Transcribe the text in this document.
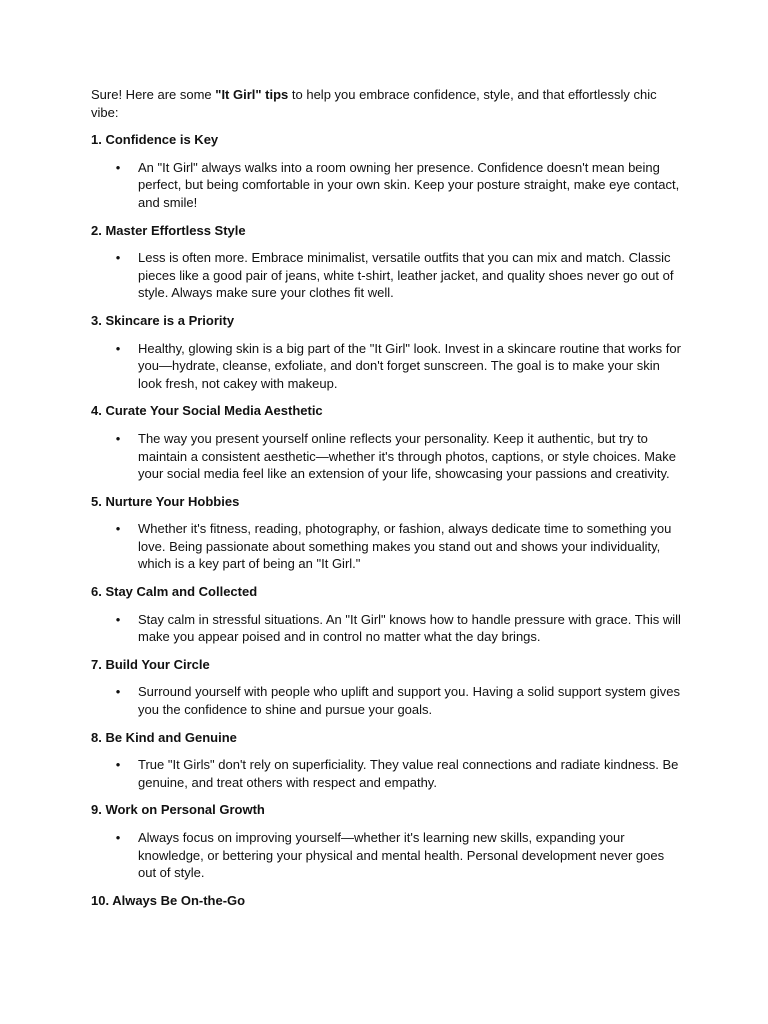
Sure! Here are some "It Girl" tips to help you embrace confidence, style, and that effortlessly chic vibe:

1. Confidence is Key
• An "It Girl" always walks into a room owning her presence. Confidence doesn't mean being perfect, but being comfortable in your own skin. Keep your posture straight, make eye contact, and smile!
2. Master Effortless Style
• Less is often more. Embrace minimalist, versatile outfits that you can mix and match. Classic pieces like a good pair of jeans, white t-shirt, leather jacket, and quality shoes never go out of style. Always make sure your clothes fit well.
3. Skincare is a Priority
• Healthy, glowing skin is a big part of the "It Girl" look. Invest in a skincare routine that works for you—hydrate, cleanse, exfoliate, and don't forget sunscreen. The goal is to make your skin look fresh, not cakey with makeup.
4. Curate Your Social Media Aesthetic
• The way you present yourself online reflects your personality. Keep it authentic, but try to maintain a consistent aesthetic—whether it's through photos, captions, or style choices. Make your social media feel like an extension of your life, showcasing your passions and creativity.
5. Nurture Your Hobbies
• Whether it's fitness, reading, photography, or fashion, always dedicate time to something you love. Being passionate about something makes you stand out and shows your individuality, which is a key part of being an "It Girl."
6. Stay Calm and Collected
• Stay calm in stressful situations. An "It Girl" knows how to handle pressure with grace. This will make you appear poised and in control no matter what the day brings.
7. Build Your Circle
• Surround yourself with people who uplift and support you. Having a solid support system gives you the confidence to shine and pursue your goals.
8. Be Kind and Genuine
• True "It Girls" don't rely on superficiality. They value real connections and radiate kindness. Be genuine, and treat others with respect and empathy.
9. Work on Personal Growth
• Always focus on improving yourself—whether it's learning new skills, expanding your knowledge, or bettering your physical and mental health. Personal development never goes out of style.
10. Always Be On-the-Go
